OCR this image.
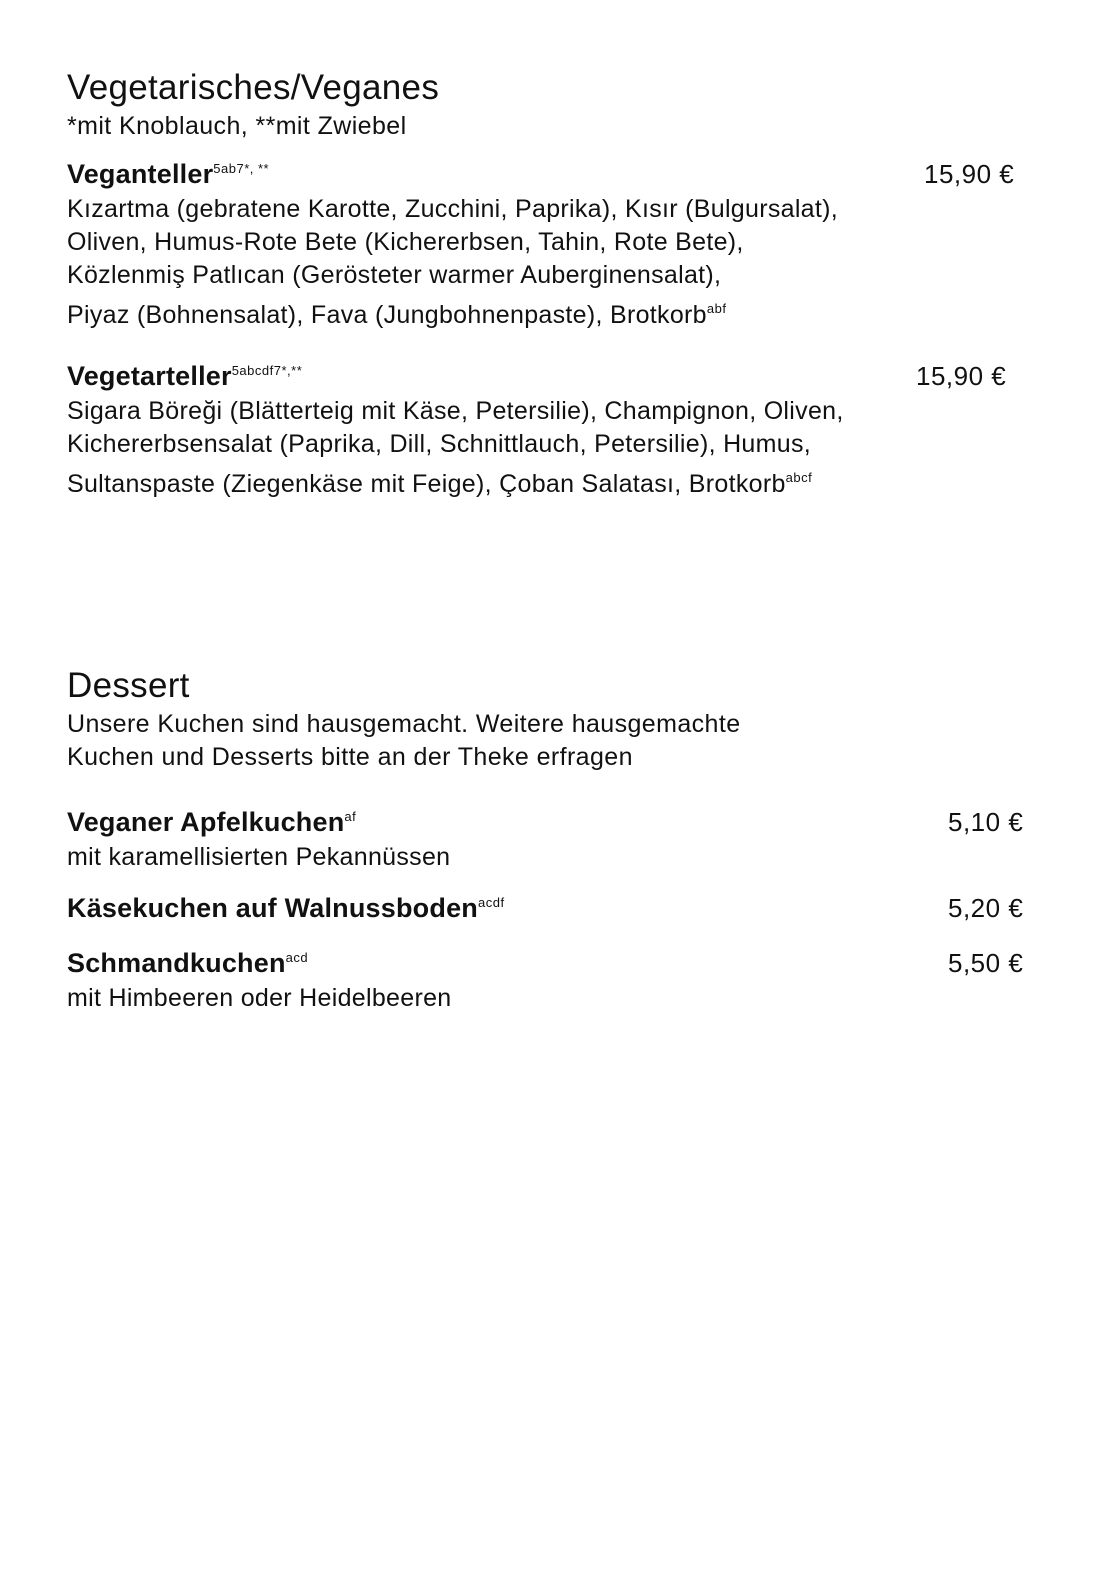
Vegetarisches/Veganes

*mit Knoblauch, **mit Zwiebel

Veganteller$^{5ab7*, **}$	15,90 €

Kızartma (gebratene Karotte, Zucchini, Paprika), Kısır (Bulgursalat),
Oliven, Humus-Rote Bete (Kichererbsen, Tahin, Rote Bete),
Közlenmiş Patlıcan (Gerösteter warmer Auberginensalat),
Piyaz (Bohnensalat), Fava (Jungbohnenpaste), Brotkorb$^{abf}$

Vegetarteller$^{5abcdf7*,**}$	15,90 €

Sigara Böreği (Blätterteig mit Käse, Petersilie), Champignon, Oliven,
Kichererbsensalat (Paprika, Dill, Schnittlauch, Petersilie), Humus,
Sultanspaste (Ziegenkäse mit Feige), Çoban Salatası, Brotkorb$^{abcf}$

Dessert

Unsere Kuchen sind hausgemacht. Weitere hausgemachte
Kuchen und Desserts bitte an der Theke erfragen

Veganer Apfelkuchen$^{af}$	5,10 €

mit karamellisierten Pekannüssen

Käsekuchen auf Walnussboden$^{acdf}$	5,20 €
Schmandkuchen$^{acd}$	5,50 €

mit Himbeeren oder Heidelbeeren
